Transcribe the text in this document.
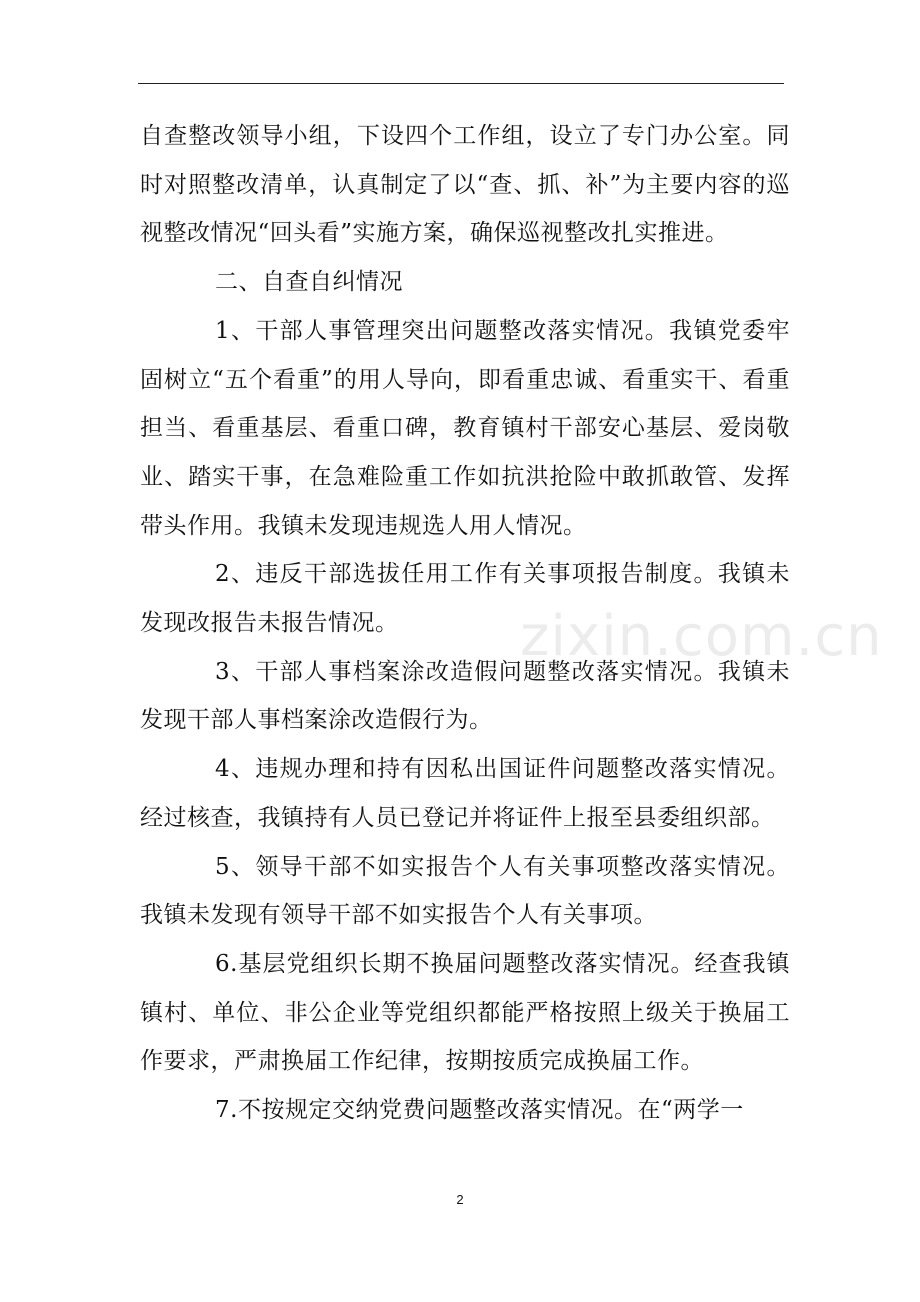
自查整改领导小组，下设四个工作组，设立了专门办公室。同时对照整改清单，认真制定了以“查、抓、补”为主要内容的巡视整改情况“回头看”实施方案，确保巡视整改扎实推进。

二、自查自纠情况

1、干部人事管理突出问题整改落实情况。我镇党委牢固树立“五个看重”的用人导向，即看重忠诚、看重实干、看重担当、看重基层、看重口碑，教育镇村干部安心基层、爱岗敬业、踏实干事，在急难险重工作如抗洪抢险中敢抓敢管、发挥带头作用。我镇未发现违规选人用人情况。

2、违反干部选拔任用工作有关事项报告制度。我镇未发现改报告未报告情况。

3、干部人事档案涂改造假问题整改落实情况。我镇未发现干部人事档案涂改造假行为。

4、违规办理和持有因私出国证件问题整改落实情况。经过核查，我镇持有人员已登记并将证件上报至县委组织部。

5、领导干部不如实报告个人有关事项整改落实情况。我镇未发现有领导干部不如实报告个人有关事项。

6.基层党组织长期不换届问题整改落实情况。经查我镇镇村、单位、非公企业等党组织都能严格按照上级关于换届工作要求，严肃换届工作纪律，按期按质完成换届工作。

7.不按规定交纳党费问题整改落实情况。在“两学一

zixin.com.cn
2
